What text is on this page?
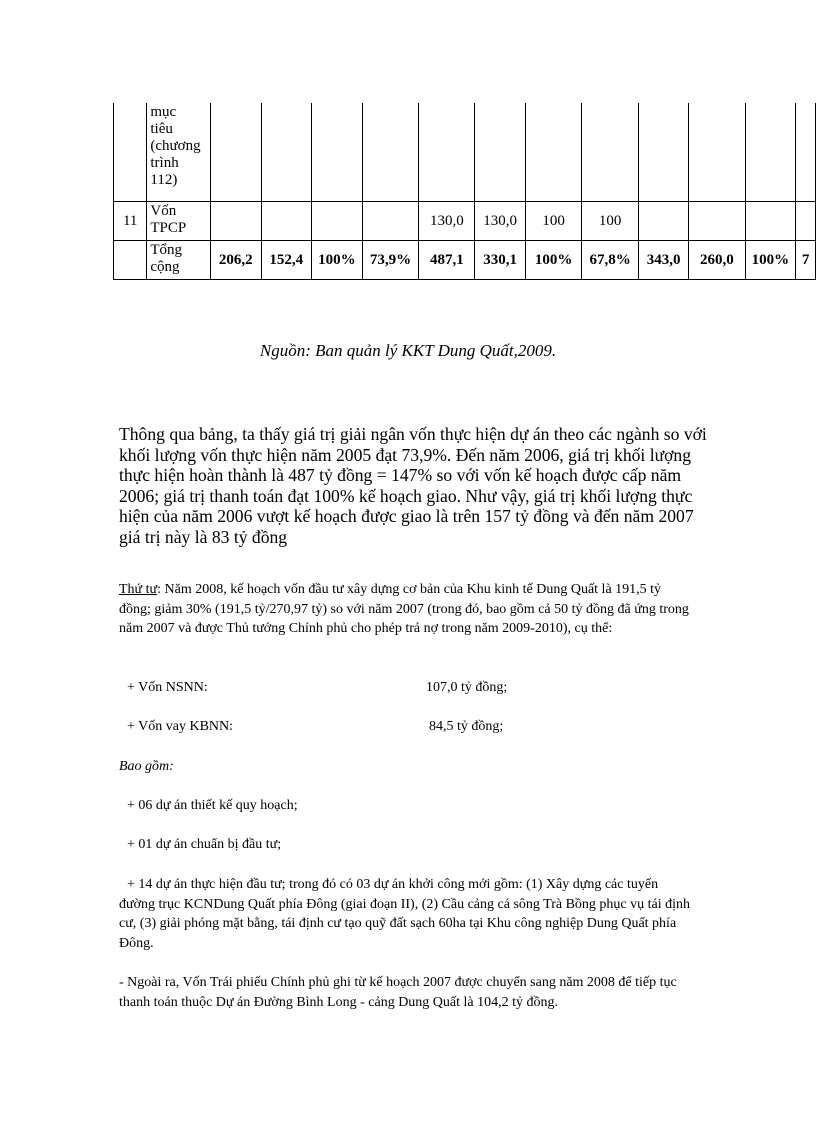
	mục
tiêu
(chương
trình
112)												

11	Vốn
TPCP					130,0	130,0	100	100				

	Tổng
cộng	206,2	152,4	100%	73,9%	487,1	330,1	100%	67,8%	343,0	260,0	100%	7
Nguồn: Ban quản lý KKT Dung Quất,2009.
Thông qua bảng, ta thấy giá trị giải ngân vốn thực hiện dự án theo các ngành so với khối lượng vốn thực hiện năm 2005 đạt 73,9%. Đến năm 2006, giá trị khối lượng thực hiện hoàn thành là 487 tỷ đồng = 147% so với vốn kế hoạch được cấp năm 2006; giá trị thanh toán đạt 100% kế hoạch giao. Như vậy, giá trị khối lượng thực hiện của năm 2006 vượt kế hoạch được giao là trên 157 tỷ đồng và đến năm 2007 giá trị này là 83 tỷ đồng
Thứ tư: Năm 2008, kế hoạch vốn đầu tư xây dựng cơ bản của Khu kinh tế Dung Quất là 191,5 tỷ đồng; giảm 30% (191,5 tỷ/270,97 tỷ) so với năm 2007 (trong đó, bao gồm cả 50 tỷ đồng đã ứng trong năm 2007 và được Thủ tướng Chính phủ cho phép trả nợ trong năm 2009-2010), cụ thể:
+ Vốn NSNN:	107,0 tỷ đồng;
+ Vốn vay KBNN:	84,5 tỷ đồng;
Bao gồm:
+ 06 dự án thiết kế quy hoạch;
+ 01 dự án chuẩn bị đầu tư;
+ 14 dự án thực hiện đầu tư; trong đó có 03 dự án khởi công mới gồm: (1) Xây dựng các tuyến đường trục KCNDung Quất phía Đông (giai đoạn II), (2) Cầu cảng cá sông Trà Bồng phục vụ tái định cư, (3) giải phóng mặt bằng, tái định cư tạo quỹ đất sạch 60ha tại Khu công nghiệp Dung Quất phía Đông.
- Ngoài ra, Vốn Trái phiếu Chính phủ ghi từ kế hoạch 2007 được chuyển sang năm 2008 để tiếp tục thanh toán thuộc Dự án Đường Bình Long - cảng Dung Quất là 104,2 tỷ đồng.
